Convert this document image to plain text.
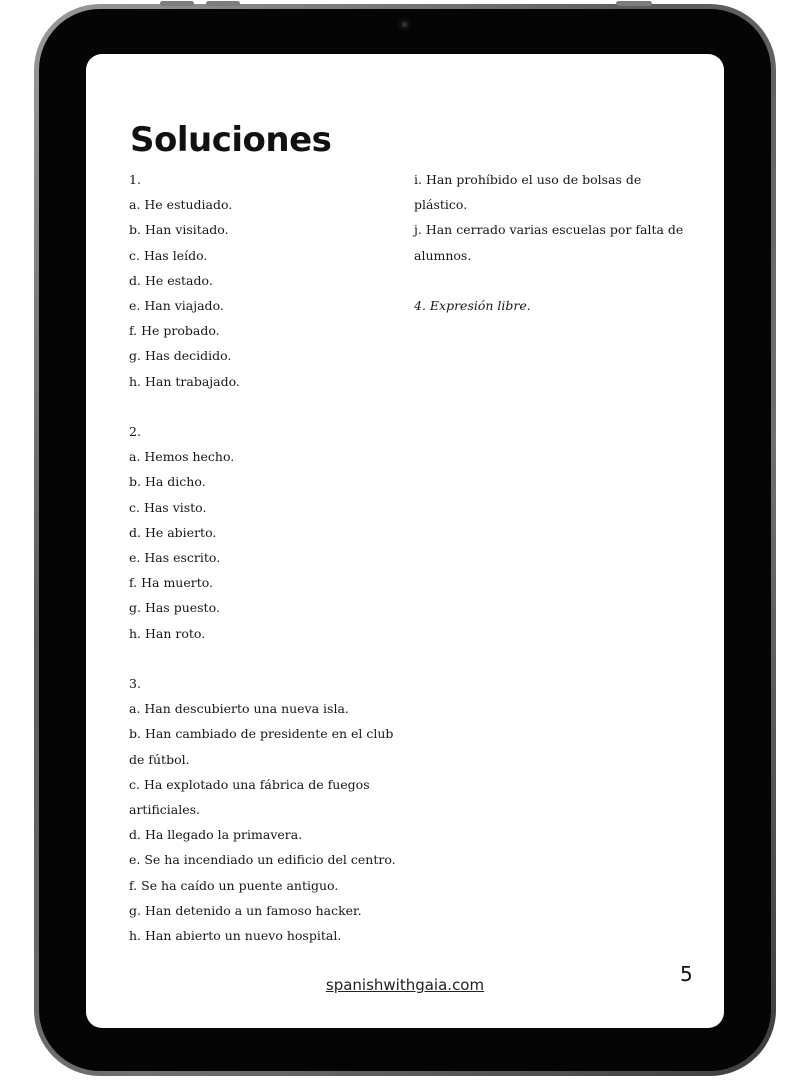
Soluciones
1.
a. He estudiado.
b. Han visitado.
c. Has leído.
d. He estado.
e. Han viajado.
f. He probado.
g. Has decidido.
h. Han trabajado.
2.
a. Hemos hecho.
b. Ha dicho.
c. Has visto.
d. He abierto.
e. Has escrito.
f. Ha muerto.
g. Has puesto.
h. Han roto.
3.
a. Han descubierto una nueva isla.
b. Han cambiado de presidente en el club
de fútbol.
c. Ha explotado una fábrica de fuegos
artificiales.
d. Ha llegado la primavera.
e. Se ha incendiado un edificio del centro.
f. Se ha caído un puente antiguo.
g. Han detenido a un famoso hacker.
h. Han abierto un nuevo hospital.
i. Han prohíbido el uso de bolsas de
plástico.
j. Han cerrado varias escuelas por falta de
alumnos.
4. Expresión libre.
spanishwithgaia.com	5
